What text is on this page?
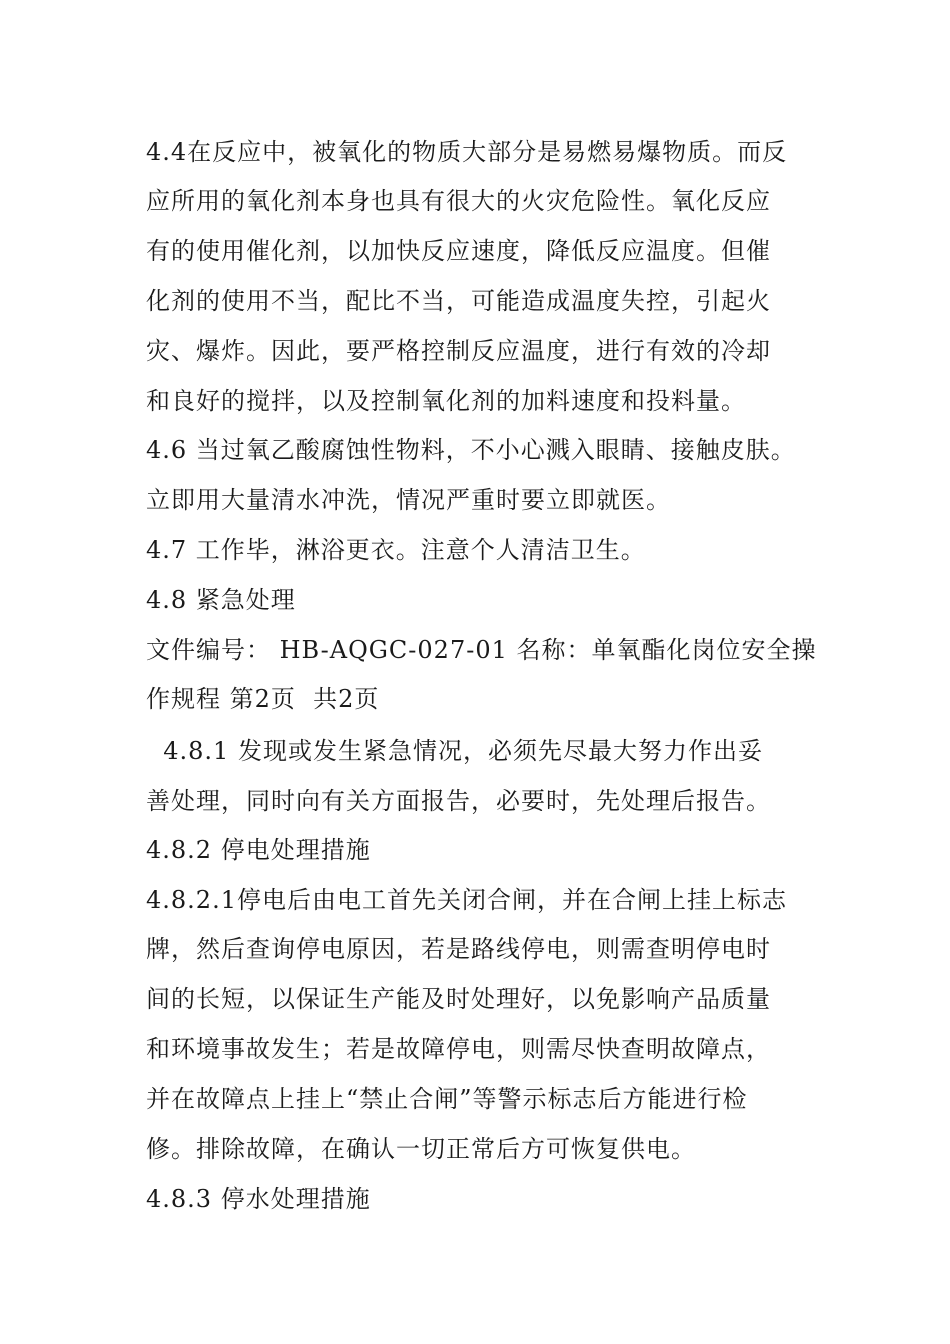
4.4在反应中，被氧化的物质大部分是易燃易爆物质。而反
应所用的氧化剂本身也具有很大的火灾危险性。氧化反应
有的使用催化剂，以加快反应速度，降低反应温度。但催
化剂的使用不当，配比不当，可能造成温度失控，引起火
灾、爆炸。因此，要严格控制反应温度，进行有效的冷却
和良好的搅拌，以及控制氧化剂的加料速度和投料量。
4.6 当过氧乙酸腐蚀性物料，不小心溅入眼睛、接触皮肤。
立即用大量清水冲洗，情况严重时要立即就医。
4.7 工作毕，淋浴更衣。注意个人清洁卫生。
4.8 紧急处理
文件编号： HB-AQGC-027-01 名称：单氧酯化岗位安全操
作规程 第2页  共2页
4.8.1 发现或发生紧急情况，必须先尽最大努力作出妥
善处理，同时向有关方面报告，必要时，先处理后报告。
4.8.2 停电处理措施
4.8.2.1停电后由电工首先关闭合闸，并在合闸上挂上标志
牌，然后查询停电原因，若是路线停电，则需查明停电时
间的长短，以保证生产能及时处理好，以免影响产品质量
和环境事故发生；若是故障停电，则需尽快查明故障点，
并在故障点上挂上“禁止合闸”等警示标志后方能进行检
修。排除故障，在确认一切正常后方可恢复供电。
4.8.3 停水处理措施
